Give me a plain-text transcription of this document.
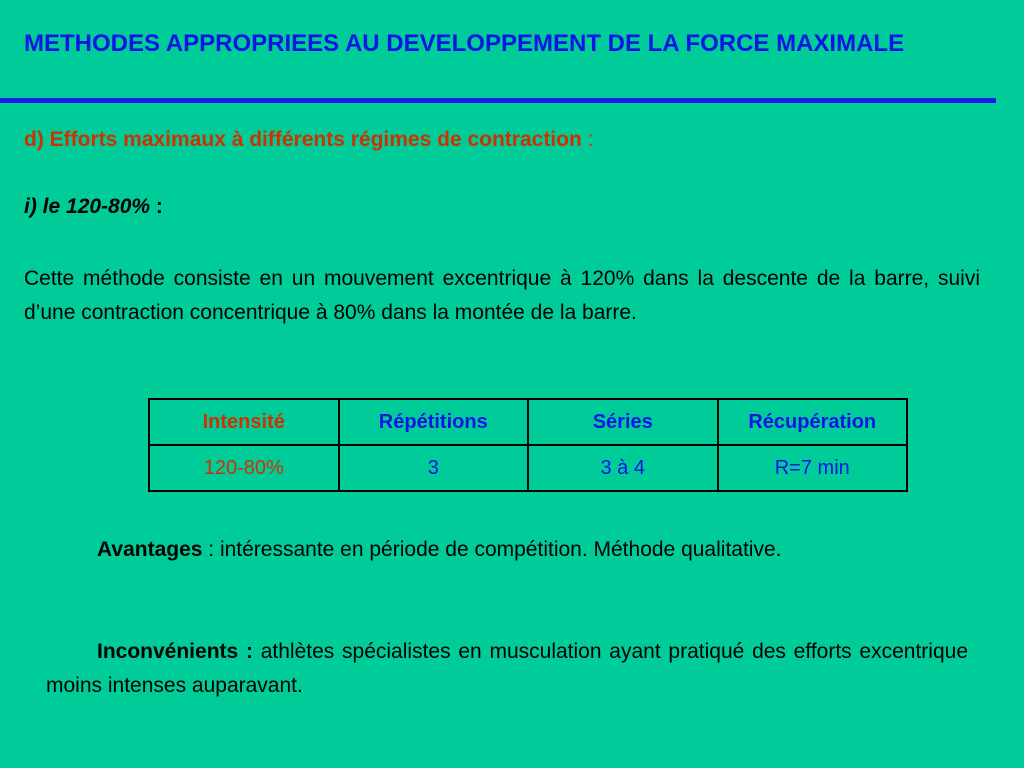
METHODES APPROPRIEES AU DEVELOPPEMENT DE LA FORCE MAXIMALE

d) Efforts maximaux à différents régimes de contraction :

i) le 120-80% :

Cette méthode consiste en un mouvement excentrique à 120% dans la descente de la barre, suivi d’une contraction concentrique à 80% dans la montée de la barre.

Intensité	Répétitions	Séries	Récupération
120-80%	3	3 à 4	R=7 min

Avantages : intéressante en période de compétition. Méthode qualitative.

Inconvénients : athlètes spécialistes en musculation ayant pratiqué des efforts excentrique moins intenses auparavant.
